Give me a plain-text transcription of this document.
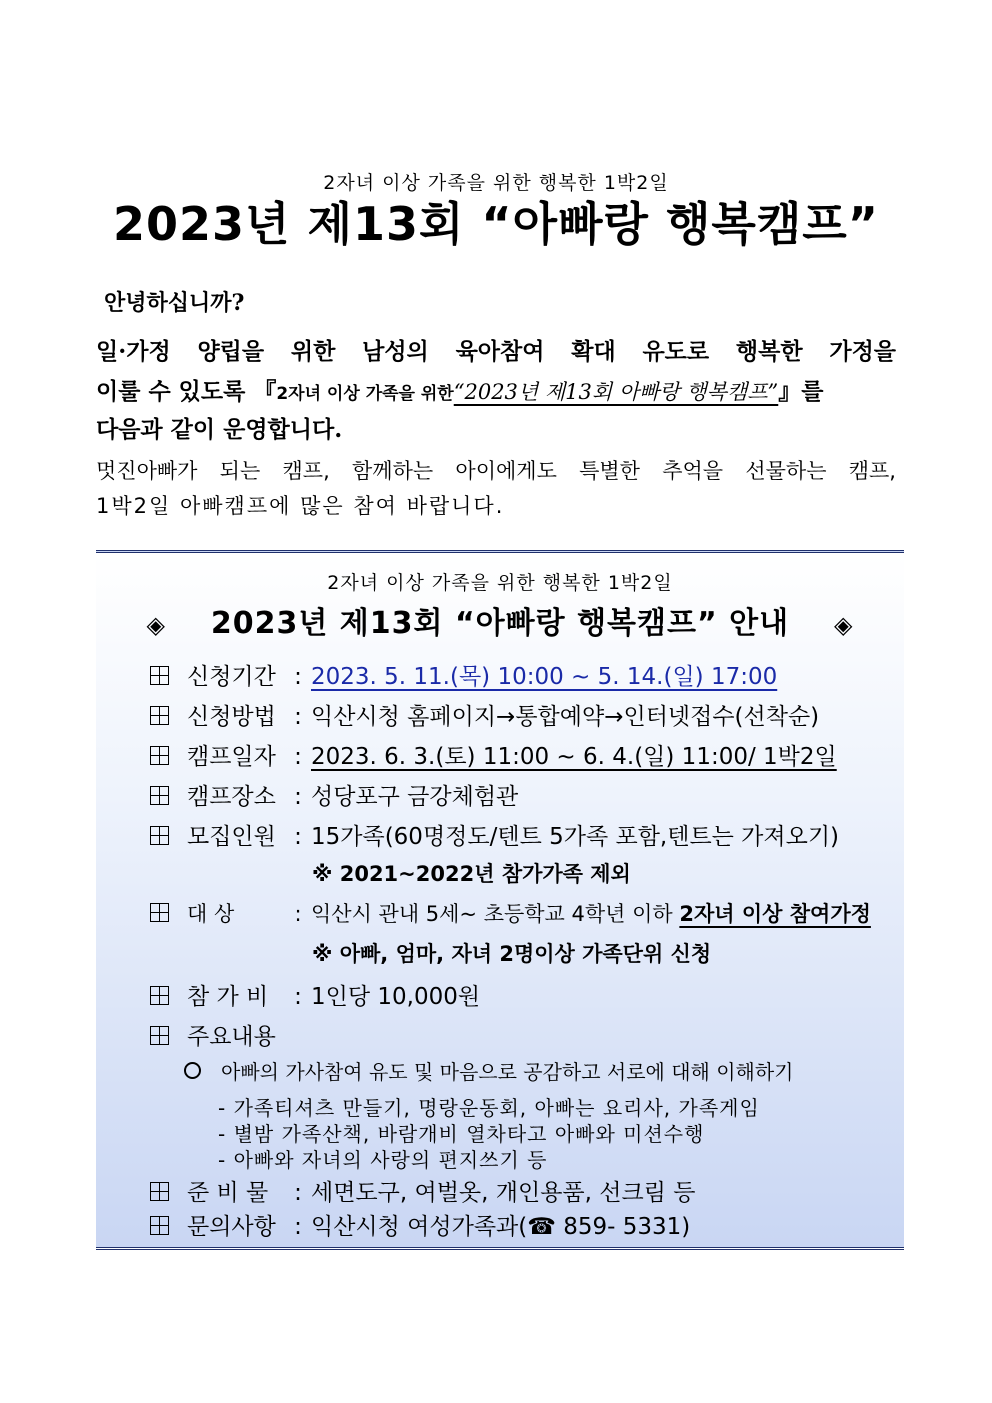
2자녀 이상 가족을 위한 행복한 1박2일
2023년 제13회 “아빠랑 행복캠프”
안녕하십니까?
일·가정 양립을 위한 남성의 육아참여 확대 유도로 행복한 가정을
이룰 수 있도록 『2자녀 이상 가족을 위한“2023년 제13회 아빠랑 행복캠프”』를
다음과 같이 운영합니다.
멋진아빠가 되는 캠프, 함께하는 아이에게도 특별한 추억을 선물하는 캠프,
1박2일 아빠캠프에 많은 참여 바랍니다.
2자녀 이상 가족을 위한 행복한 1박2일
◈ 2023년 제13회 “아빠랑 행복캠프” 안내 ◈
신청기간 : 2023. 5. 11.(목) 10:00 ~ 5. 14.(일) 17:00
신청방법 : 익산시청 홈페이지→통합예약→인터넷접수(선착순)
캠프일자 : 2023. 6. 3.(토) 11:00 ~ 6. 4.(일) 11:00/ 1박2일
캠프장소 : 성당포구 금강체험관
모집인원 : 15가족(60명정도/텐트 5가족 포함,텐트는 가져오기)
※ 2021~2022년 참가가족 제외
대 상	: 익산시 관내 5세~ 초등학교 4학년 이하 2자녀 이상 참여가정
※ 아빠, 엄마, 자녀 2명이상 가족단위 신청
참 가 비 : 1인당 10,000원
주요내용
아빠의 가사참여 유도 및 마음으로 공감하고 서로에 대해 이해하기
- 가족티셔츠 만들기, 명랑운동회, 아빠는 요리사, 가족게임
- 별밤 가족산책, 바람개비 열차타고 아빠와 미션수행
- 아빠와 자녀의 사랑의 편지쓰기 등
준 비 물 : 세면도구, 여벌옷, 개인용품, 선크림 등
문의사항 : 익산시청 여성가족과(☎ 859- 5331)
